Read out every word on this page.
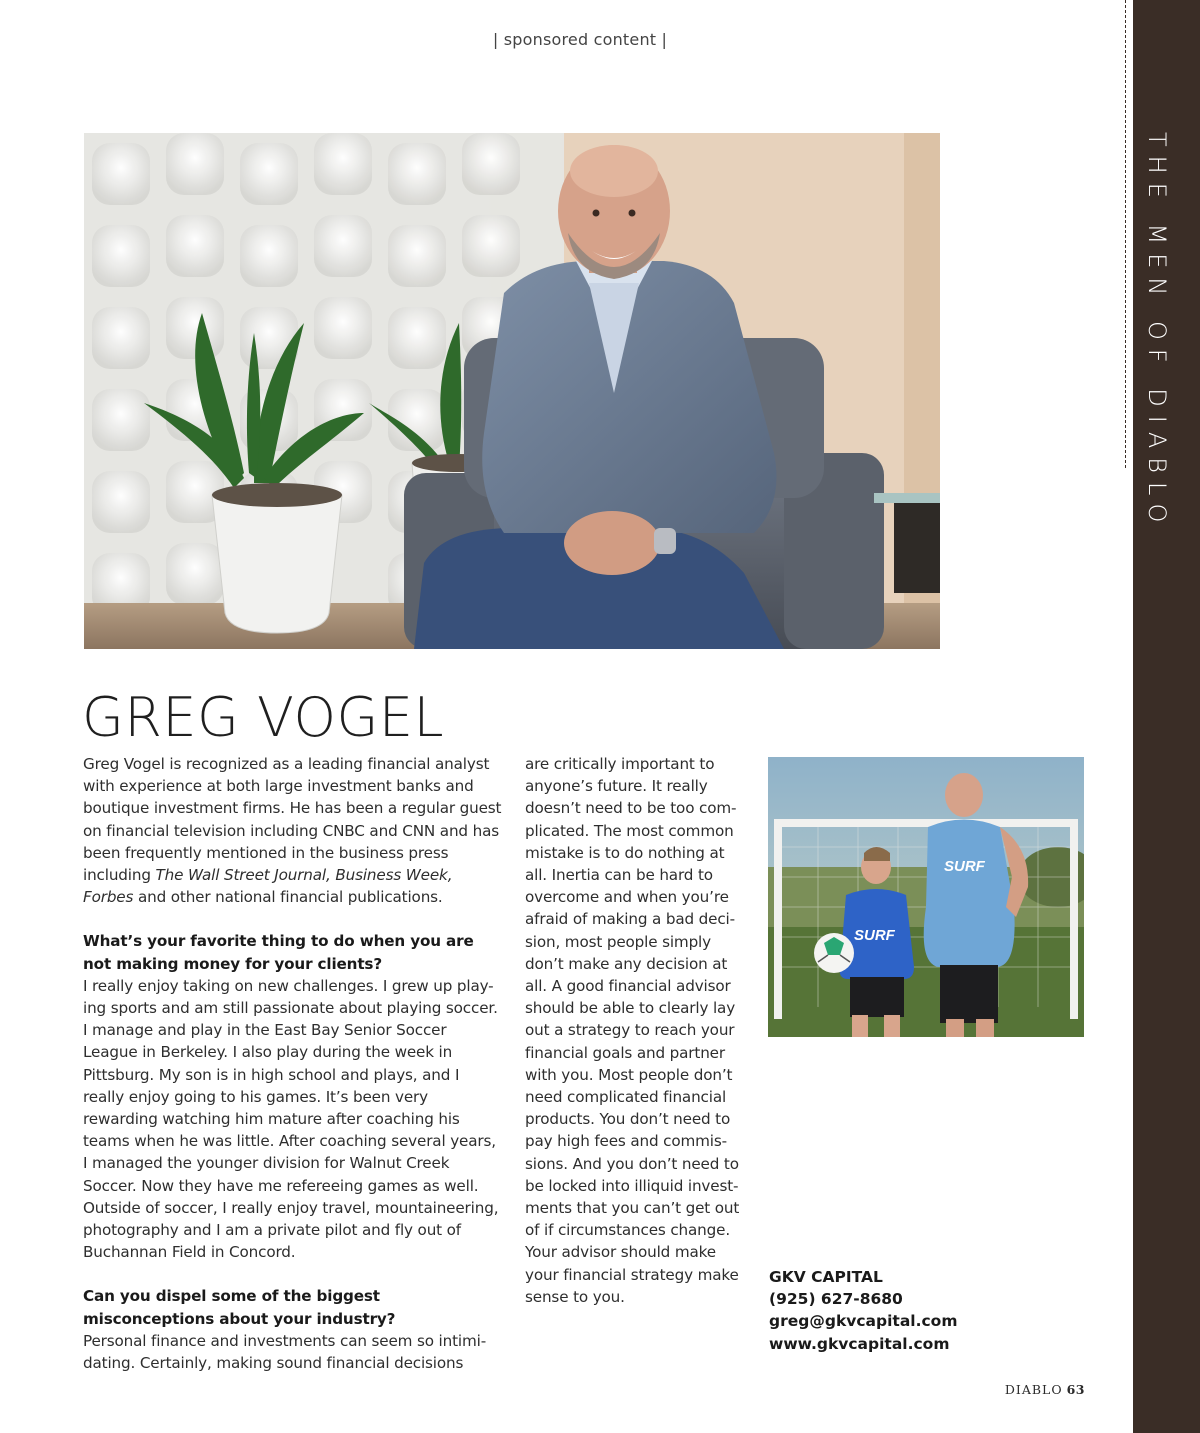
| sponsored content |
THE MEN OF DIABLO
GREG VOGEL

Greg Vogel is recognized as a leading financial analyst with experience at both large investment banks and boutique investment firms. He has been a regular guest on financial television including CNBC and CNN and has been frequently mentioned in the business press including The Wall Street Journal, Business Week, Forbes and other national financial publications.

What’s your favorite thing to do when you are not making money for your clients?

I really enjoy taking on new challenges. I grew up play-ing sports and am still passionate about playing soccer. I manage and play in the East Bay Senior Soccer League in Berkeley. I also play during the week in Pittsburg. My son is in high school and plays, and I really enjoy going to his games. It’s been very rewarding watching him mature after coaching his teams when he was little. After coaching several years, I managed the younger division for Walnut Creek Soccer. Now they have me refereeing games as well. Outside of soccer, I really enjoy travel, mountaineering, photography and I am a private pilot and fly out of Buchannan Field in Concord.

Can you dispel some of the biggest misconceptions about your industry?

Personal finance and investments can seem so intimi-dating. Certainly, making sound financial decisions

are critically important to anyone’s future. It really doesn’t need to be too com-plicated. The most common mistake is to do nothing at all. Inertia can be hard to overcome and when you’re afraid of making a bad deci-sion, most people simply don’t make any decision at all. A good financial advisor should be able to clearly lay out a strategy to reach your financial goals and partner with you. Most people don’t need complicated financial products. You don’t need to pay high fees and commis-sions. And you don’t need to be locked into illiquid invest-ments that you can’t get out of if circumstances change. Your advisor should make your financial strategy make sense to you.

SURF
SURF
GKV CAPITAL
(925) 627-8680
greg@gkvcapital.com
www.gkvcapital.com
DIABLO 63
